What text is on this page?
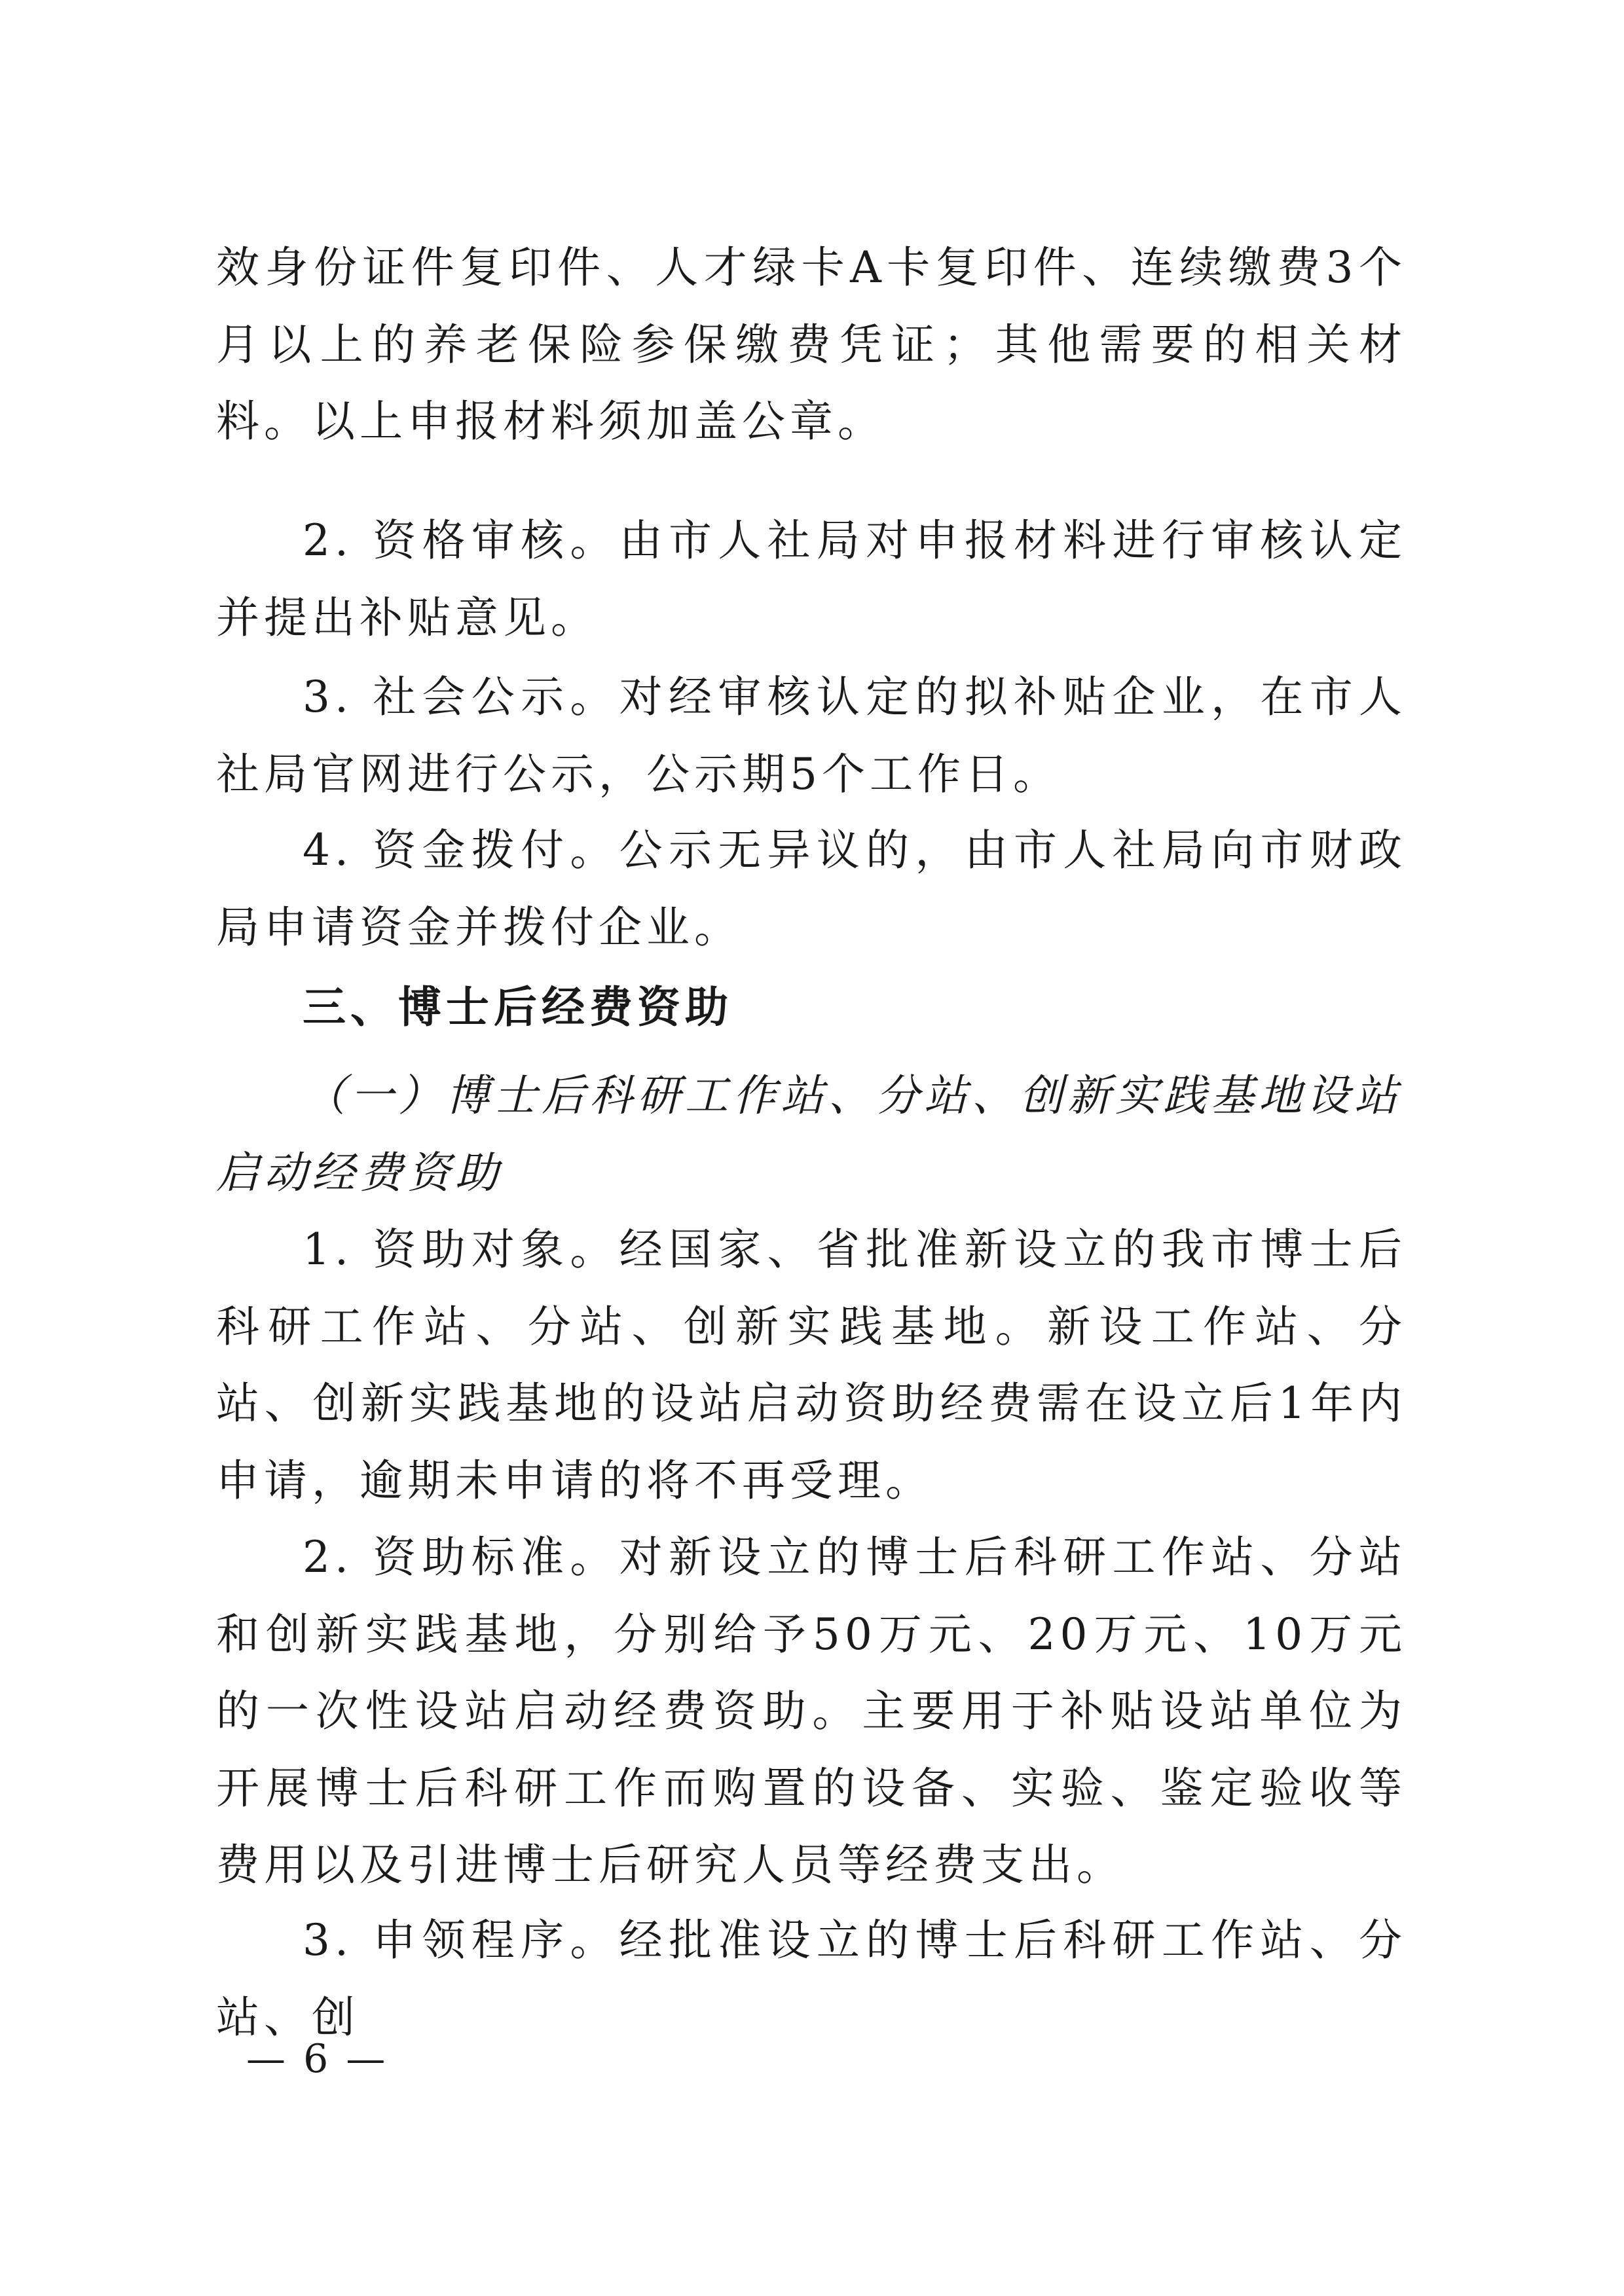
效身份证件复印件、人才绿卡A卡复印件、连续缴费3个月以上的养老保险参保缴费凭证；其他需要的相关材料。以上申报材料须加盖公章。

2. 资格审核。由市人社局对申报材料进行审核认定并提出补贴意见。

3. 社会公示。对经审核认定的拟补贴企业，在市人社局官网进行公示，公示期5个工作日。

4. 资金拨付。公示无异议的，由市人社局向市财政局申请资金并拨付企业。

三、博士后经费资助
（一）博士后科研工作站、分站、创新实践基地设站启动经费资助

1. 资助对象。经国家、省批准新设立的我市博士后科研工作站、分站、创新实践基地。新设工作站、分站、创新实践基地的设站启动资助经费需在设立后1年内申请，逾期未申请的将不再受理。

2. 资助标准。对新设立的博士后科研工作站、分站和创新实践基地，分别给予50万元、20万元、10万元的一次性设站启动经费资助。主要用于补贴设站单位为开展博士后科研工作而购置的设备、实验、鉴定验收等费用以及引进博士后研究人员等经费支出。

3. 申领程序。经批准设立的博士后科研工作站、分站、创

— 6 —
